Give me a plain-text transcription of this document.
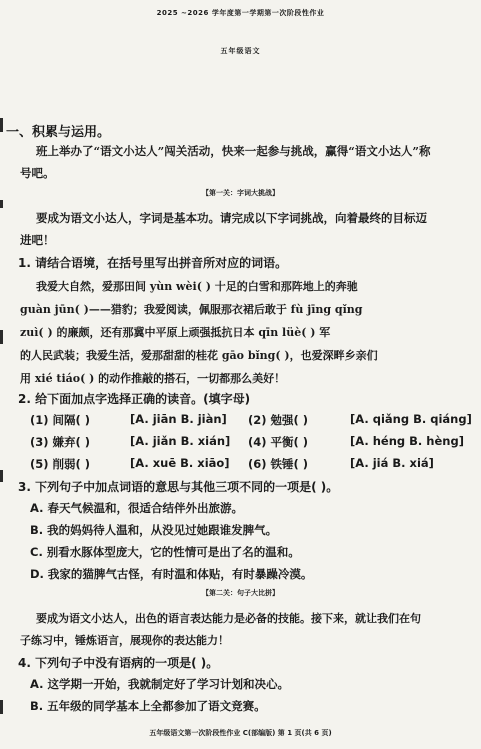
2025 ~2026 学年度第一学期第一次阶段性作业
五年级语文
一、积累与运用。
班上举办了“语文小达人”闯关活动，快来一起参与挑战，赢得“语文小达人”称
号吧。
【第一关：字词大挑战】
要成为语文小达人，字词是基本功。请完成以下字词挑战，向着最终的目标迈
进吧！
1. 请结合语境，在括号里写出拼音所对应的词语。
我爱大自然，爱那田间 yùn wèi( ) 十足的白雪和那阵地上的奔驰
guàn jūn( )——猎豹；我爱阅读，佩服那衣裙后敢于 fù jīng qǐng
zuì( ) 的廉颇，还有那冀中平原上顽强抵抗日本 qīn lüè( ) 军
的人民武装；我爱生活，爱那甜甜的桂花 gāo bǐng( )，也爱深畔乡亲们
用 xié tiáo( ) 的动作推敲的搭石，一切都那么美好！
2. 给下面加点字选择正确的读音。(填字母)
(1) 间隔( )	[A. jiān B. jiàn] (2) 勉强( )	[A. qiǎng B. qiáng]
(3) 嫌弃( )	[A. jiǎn B. xián] (4) 平衡( )	[A. héng B. hèng]
(5) 削弱( )	[A. xuē B. xiāo] (6) 铁锤( )	[A. jiá B. xiá]
3. 下列句子中加点词语的意思与其他三项不同的一项是( )。
A. 春天气候温和，很适合结伴外出旅游。
B. 我的妈妈待人温和，从没见过她跟谁发脾气。
C. 别看水豚体型庞大，它的性情可是出了名的温和。
D. 我家的猫脾气古怪，有时温和体贴，有时暴躁冷漠。
【第二关：句子大比拼】
要成为语文小达人，出色的语言表达能力是必备的技能。接下来，就让我们在句
子练习中，锤炼语言，展现你的表达能力！
4. 下列句子中没有语病的一项是( )。
A. 这学期一开始，我就制定好了学习计划和决心。
B. 五年级的同学基本上全都参加了语文竞赛。
五年级语文第一次阶段性作业 C(部编版) 第 1 页(共 6 页)
